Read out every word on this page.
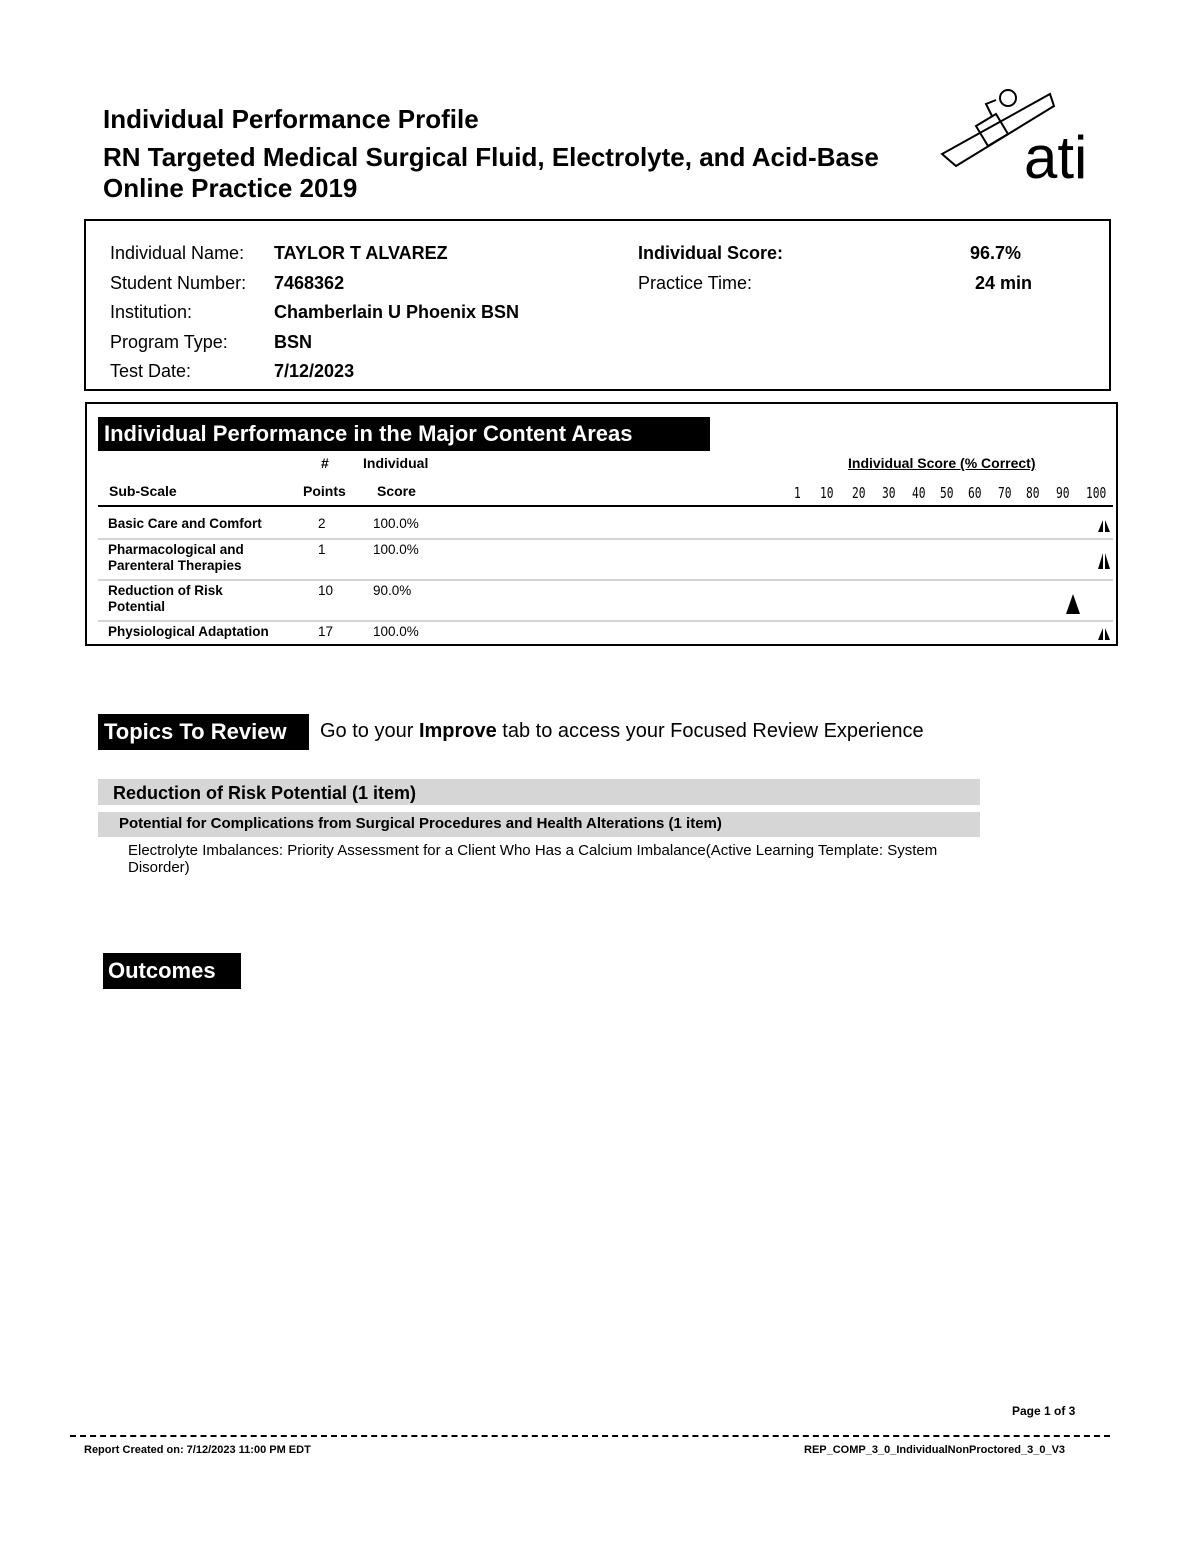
Individual Performance Profile
RN Targeted Medical Surgical Fluid, Electrolyte, and Acid-Base Online Practice 2019	ati
Individual Name: TAYLOR T ALVAREZ
Student Number: 7468362
Institution:	Chamberlain U Phoenix BSN
Program Type:	BSN
Test Date:	7/12/2023
Individual Score:	96.7%
Practice Time:	24 min
Individual Performance in the Major Content Areas
# Individual	Individual Score (% Correct)
Sub-Scale	Points Score	1 10 20 30 40 50 60 70 80 90 100
Basic Care and Comfort	2	100.0%
Pharmacological and
Parenteral Therapies
1	100.0%
Reduction of Risk
Potential
10	90.0%
Physiological Adaptation	17	100.0%
Topics To Review	Go to your Improve tab to access your Focused Review Experience
Reduction of Risk Potential (1 item)
Potential for Complications from Surgical Procedures and Health Alterations (1 item)
Electrolyte Imbalances: Priority Assessment for a Client Who Has a Calcium Imbalance(Active Learning Template: System Disorder)
Outcomes
Page 1 of 3
Report Created on: 7/12/2023 11:00 PM EDT	REP_COMP_3_0_IndividualNonProctored_3_0_V3
